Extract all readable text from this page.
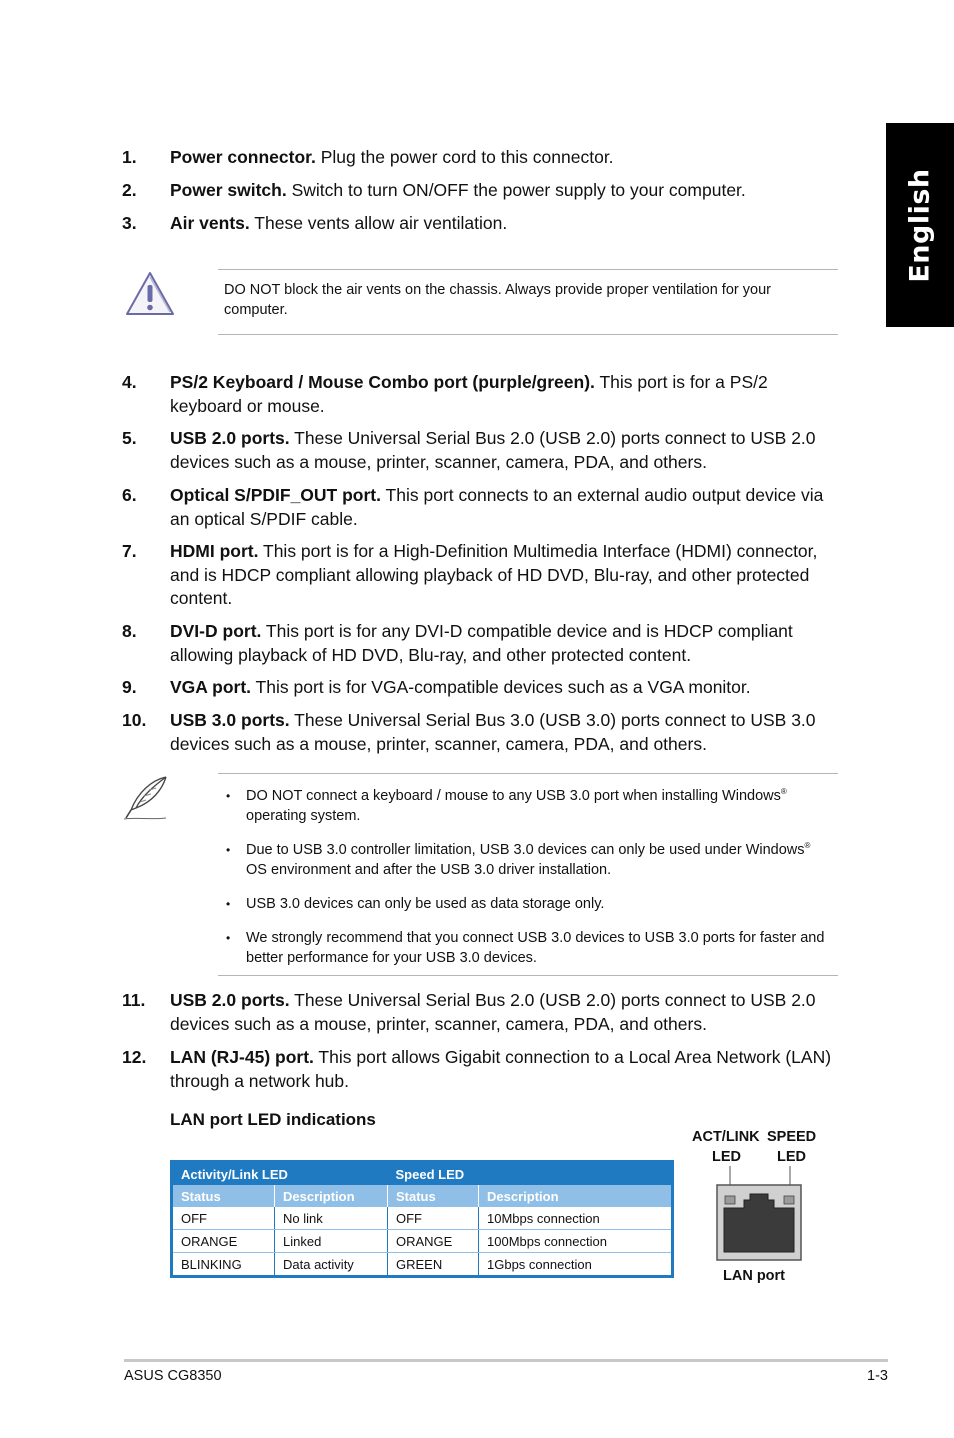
English
1. Power connector. Plug the power cord to this connector.
2. Power switch. Switch to turn ON/OFF the power supply to your computer.
3. Air vents. These vents allow air ventilation.
DO NOT block the air vents on the chassis. Always provide proper ventilation for your computer.
4. PS/2 Keyboard / Mouse Combo port (purple/green). This port is for a PS/2 keyboard or mouse.
5. USB 2.0 ports. These Universal Serial Bus 2.0 (USB 2.0) ports connect to USB 2.0 devices such as a mouse, printer, scanner, camera, PDA, and others.
6. Optical S/PDIF_OUT port. This port connects to an external audio output device via an optical S/PDIF cable.
7. HDMI port. This port is for a High-Definition Multimedia Interface (HDMI) connector, and is HDCP compliant allowing playback of HD DVD, Blu-ray, and other protected content.
8. DVI-D port. This port is for any DVI-D compatible device and is HDCP compliant allowing playback of HD DVD, Blu-ray, and other protected content.
9. VGA port. This port is for VGA-compatible devices such as a VGA monitor.
10. USB 3.0 ports. These Universal Serial Bus 3.0 (USB 3.0) ports connect to USB 3.0 devices such as a mouse, printer, scanner, camera, PDA, and others.
• DO NOT connect a keyboard / mouse to any USB 3.0 port when installing Windows® operating system.
• Due to USB 3.0 controller limitation, USB 3.0 devices can only be used under Windows® OS environment and after the USB 3.0 driver installation.
• USB 3.0 devices can only be used as data storage only.
• We strongly recommend that you connect USB 3.0 devices to USB 3.0 ports for faster and better performance for your USB 3.0 devices.
11. USB 2.0 ports. These Universal Serial Bus 2.0 (USB 2.0) ports connect to USB 2.0 devices such as a mouse, printer, scanner, camera, PDA, and others.
12. LAN (RJ-45) port. This port allows Gigabit connection to a Local Area Network (LAN) through a network hub.
LAN port LED indications
Activity/Link LED		Speed LED	
Status	Description	Status	Description
OFF	No link	OFF	10Mbps connection
ORANGE	Linked	ORANGE	100Mbps connection
BLINKING	Data activity	GREEN	1Gbps connection
ACT/LINK SPEED
LED LED
LAN port
ASUS CG8350	1-3
